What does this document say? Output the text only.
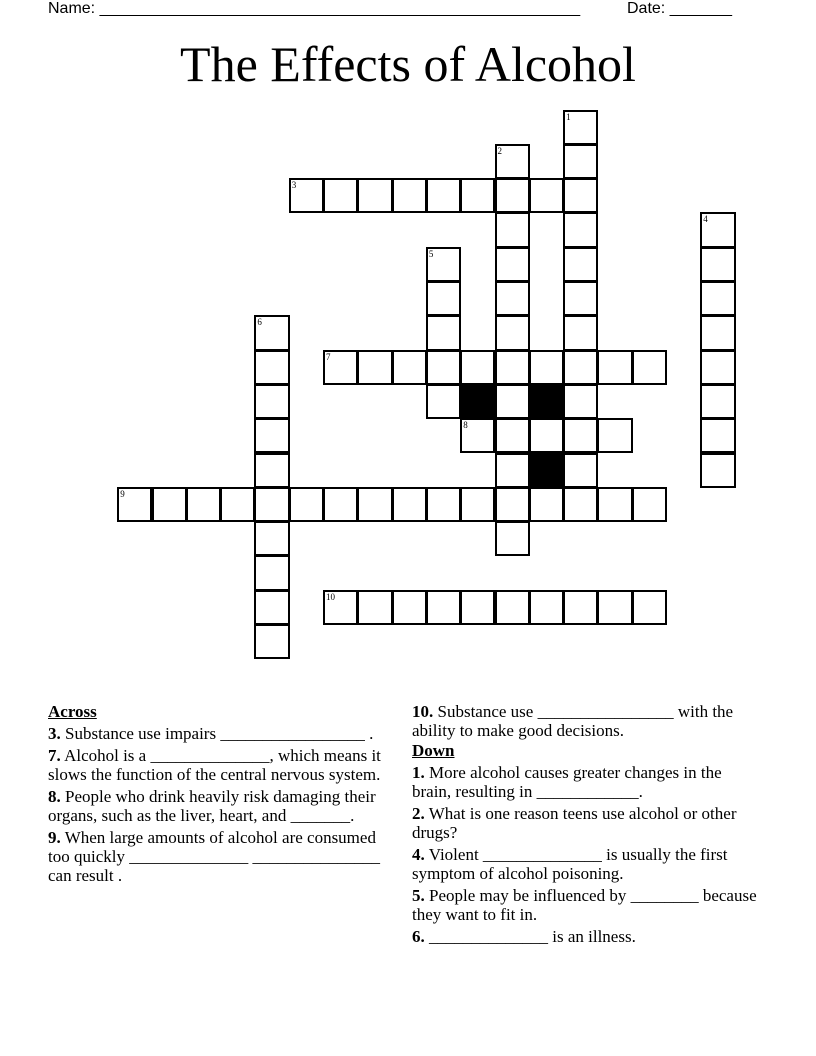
Name: ______________________________________________________	Date: _______
The Effects of Alcohol
1
2
3
4
5
6
7
8
9
10
Across
3. Substance use impairs _________________ .
7. Alcohol is a ______________, which means it slows the function of the central nervous system.
8. People who drink heavily risk damaging their organs, such as the liver, heart, and _______.
9. When large amounts of alcohol are consumed too quickly ______________ _______________ can result .
10. Substance use ________________ with the ability to make good decisions.
Down
1. More alcohol causes greater changes in the brain, resulting in ____________.
2. What is one reason teens use alcohol or other drugs?
4. Violent ______________ is usually the first symptom of alcohol poisoning.
5. People may be influenced by ________ because they want to fit in.
6. ______________ is an illness.
